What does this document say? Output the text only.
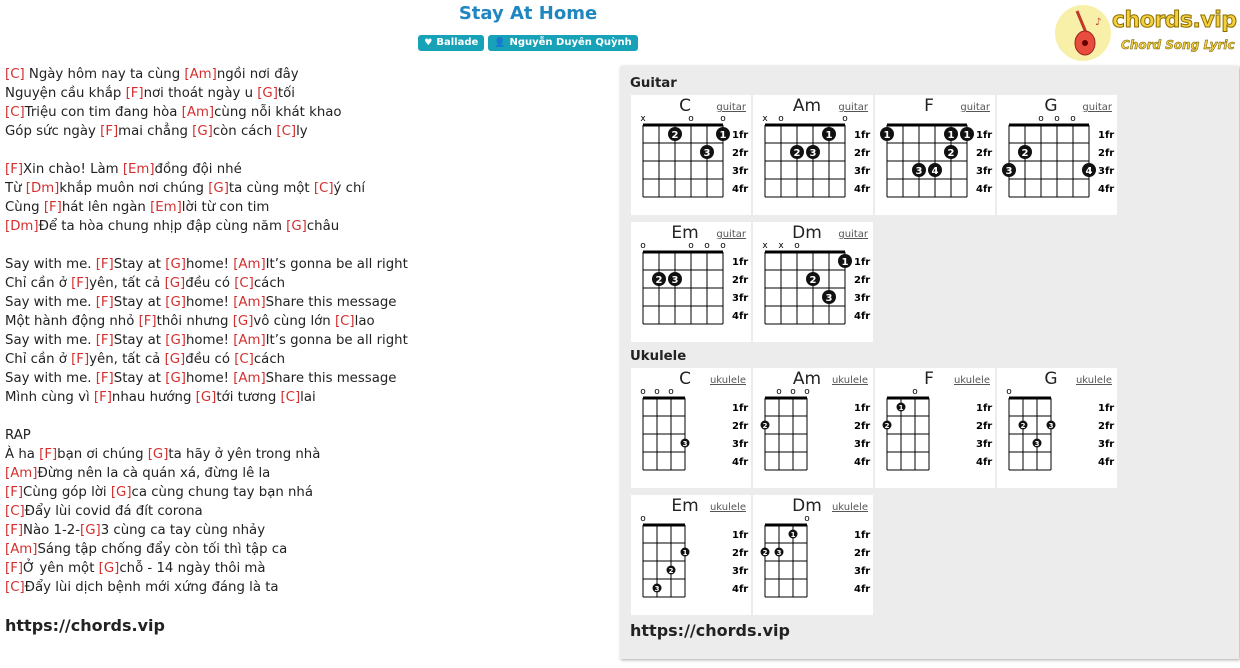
Stay At Home
♥ Ballade 👤 Nguyễn Duyên Quỳnh
♪ chords.vip
Chord Song Lyric
[C] Ngày hôm nay ta cùng [Am]ngồi nơi đây
Nguyện cầu khắp [F]nơi thoát ngày u [G]tối
[C]Triệu con tim đang hòa [Am]cùng nỗi khát khao
Góp sức ngày [F]mai chẳng [G]còn cách [C]ly
[F]Xin chào! Làm [Em]đồng đội nhé
Từ [Dm]khắp muôn nơi chúng [G]ta cùng một [C]ý chí
Cùng [F]hát lên ngàn [Em]lời từ con tim
[Dm]Để ta hòa chung nhịp đập cùng năm [G]châu
Say with me. [F]Stay at [G]home! [Am]It’s gonna be all right
Chỉ cần ở [F]yên, tất cả [G]đều có [C]cách
Say with me. [F]Stay at [G]home! [Am]Share this message
Một hành động nhỏ [F]thôi nhưng [G]vô cùng lớn [C]lao
Say with me. [F]Stay at [G]home! [Am]It’s gonna be all right
Chỉ cần ở [F]yên, tất cả [G]đều có [C]cách
Say with me. [F]Stay at [G]home! [Am]Share this message
Mình cùng vì [F]nhau hướng [G]tới tương [C]lai
RAP
À ha [F]bạn ơi chúng [G]ta hãy ở yên trong nhà
[Am]Đừng nên la cà quán xá, đừng lê la
[F]Cùng góp lời [G]ca cùng chung tay bạn nhá
[C]Đẩy lùi covid đá đít corona
[F]Nào 1-2-[G]3 cùng ca tay cùng nhảy
[Am]Sáng tập chống đẩy còn tối thì tập ca
[F]Ở yên một [G]chỗ - 14 ngày thôi mà
[C]Đẩy lùi dịch bệnh mới xứng đáng là ta
https://chords.vip
Guitar
Ukulele
https://chords.vip
1fr
2fr
3fr
4fr
x	o	o
2
3
1
C	guitar
1fr
2fr
3fr
4fr
x o	o
2 3
1
Am	guitar
1fr
2fr
3fr
4fr
1	1 1
3 4
2
F	guitar
1fr
2fr
3fr
4fr
o o o
3
2
4
G	guitar
1fr
2fr
3fr
4fr
o	o o o
2 3
Em	guitar
1fr
2fr
3fr
4fr
x x o
2
3
1
Dm	guitar
1fr
2fr
3fr
4fr
o o o
3
C	ukulele
1fr
2fr
3fr
4fr
o o o
2
Am	ukulele
1fr
2fr
3fr
4fr
o
2
1
F	ukulele
1fr
2fr
3fr
4fr
o
2
3
3
G	ukulele
1fr
2fr
3fr
4fr
o
3
2
1
Em	ukulele
1fr
2fr
3fr
4fr
o
2 3
1
Dm	ukulele
